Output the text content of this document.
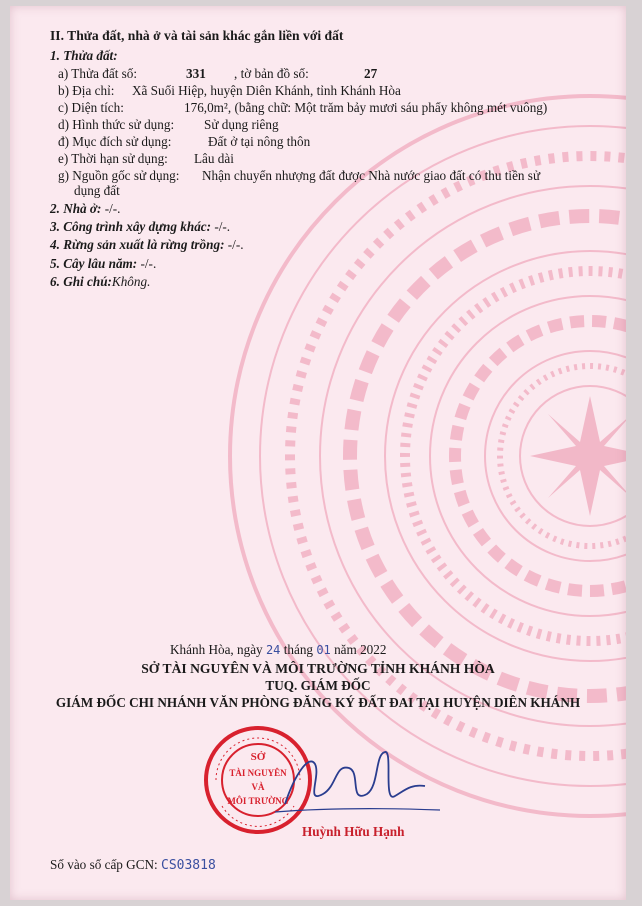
II. Thửa đất, nhà ở và tài sản khác gắn liền với đất
1. Thửa đất:
a) Thửa đất số:	331 , tờ bản đồ số:	27
b) Địa chỉ: Xã Suối Hiệp, huyện Diên Khánh, tỉnh Khánh Hòa
c) Diện tích:	176,0m², (bằng chữ: Một trăm bảy mươi sáu phẩy không mét vuông)
d) Hình thức sử dụng: Sử dụng riêng
đ) Mục đích sử dụng:	Đất ở tại nông thôn
e) Thời hạn sử dụng: Lâu dài
g) Nguồn gốc sử dụng: Nhận chuyển nhượng đất được Nhà nước giao đất có thu tiền sử
dụng đất
2. Nhà ở: -/-.
3. Công trình xây dựng khác: -/-.
4. Rừng sản xuất là rừng trồng: -/-.
5. Cây lâu năm: -/-.
6. Ghi chú:Không.
Khánh Hòa, ngày 24 tháng 01 năm 2022
SỞ TÀI NGUYÊN VÀ MÔI TRƯỜNG TỈNH KHÁNH HÒA
TUQ. GIÁM ĐỐC
GIÁM ĐỐC CHI NHÁNH VĂN PHÒNG ĐĂNG KÝ ĐẤT ĐAI TẠI HUYỆN DIÊN KHÁNH
SỞ
TÀI NGUYÊN
VÀ
MÔI TRƯỜNG
Huỳnh Hữu Hạnh
Số vào sổ cấp GCN: CS03818
